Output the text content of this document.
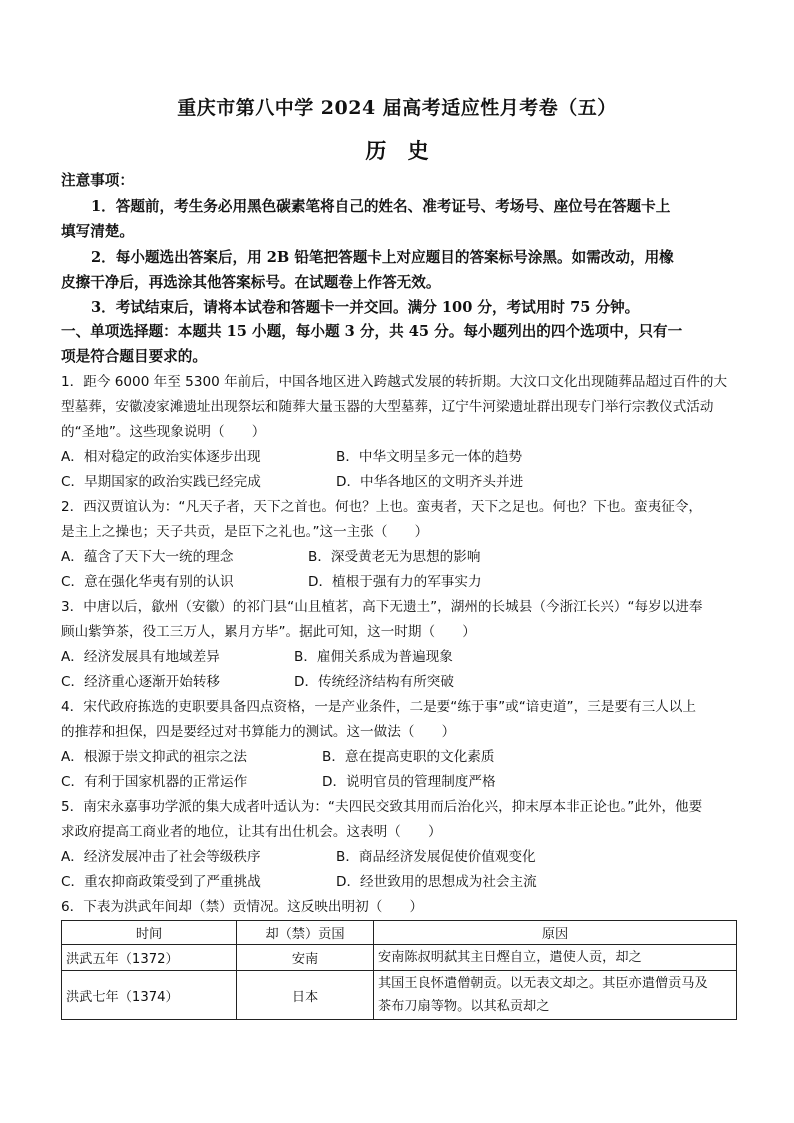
重庆市第八中学 2024 届高考适应性月考卷（五）
历 史
注意事项：
1．答题前，考生务必用黑色碳素笔将自己的姓名、准考证号、考场号、座位号在答题卡上
填写清楚。
2．每小题选出答案后，用 2B 铅笔把答题卡上对应题目的答案标号涂黑。如需改动，用橡
皮擦干净后，再选涂其他答案标号。在试题卷上作答无效。
3．考试结束后，请将本试卷和答题卡一并交回。满分 100 分，考试用时 75 分钟。
一、单项选择题：本题共 15 小题，每小题 3 分，共 45 分。每小题列出的四个选项中，只有一
项是符合题目要求的。
1．距今 6000 年至 5300 年前后，中国各地区进入跨越式发展的转折期。大汶口文化出现随葬品超过百件的大
型墓葬，安徽凌家滩遗址出现祭坛和随葬大量玉器的大型墓葬，辽宁牛河梁遗址群出现专门举行宗教仪式活动
的“圣地”。这些现象说明（　　）
A．相对稳定的政治实体逐步出现	B．中华文明呈多元一体的趋势
C．早期国家的政治实践已经完成	D．中华各地区的文明齐头并进
2．西汉贾谊认为：“凡天子者，天下之首也。何也？上也。蛮夷者，天下之足也。何也？下也。蛮夷征令，
是主上之操也；天子共贡，是臣下之礼也。”这一主张（　　）
A．蕴含了天下大一统的理念	B．深受黄老无为思想的影响
C．意在强化华夷有别的认识	D．植根于强有力的军事实力
3．中唐以后，歙州（安徽）的祁门县“山且植茗，高下无遗土”，湖州的长城县（今浙江长兴）“每岁以进奉
顾山紫笋茶，役工三万人，累月方毕”。据此可知，这一时期（　　）
A．经济发展具有地域差异	B．雇佣关系成为普遍现象
C．经济重心逐渐开始转移	D．传统经济结构有所突破
4．宋代政府拣选的吏职要具备四点资格，一是产业条件，二是要“练于事”或“谙吏道”，三是要有三人以上
的推荐和担保，四是要经过对书算能力的测试。这一做法（　　）
A．根源于崇文抑武的祖宗之法	B．意在提高吏职的文化素质
C．有利于国家机器的正常运作	D．说明官员的管理制度严格
5．南宋永嘉事功学派的集大成者叶适认为：“夫四民交致其用而后治化兴，抑末厚本非正论也。”此外，他要
求政府提高工商业者的地位，让其有出仕机会。这表明（　　）
A．经济发展冲击了社会等级秩序	B．商品经济发展促使价值观变化
C．重农抑商政策受到了严重挑战	D．经世致用的思想成为社会主流
6．下表为洪武年间却（禁）贡情况。这反映出明初（　　）
时间	却（禁）贡国	原因
洪武五年（1372）	安南	安南陈叔明弑其主日熞自立，遣使人贡，却之

洪武七年（1374）	日本	其国王良怀遣僧朝贡。以无表文却之。其臣亦遣僧贡马及
茶布刀扇等物。以其私贡却之
